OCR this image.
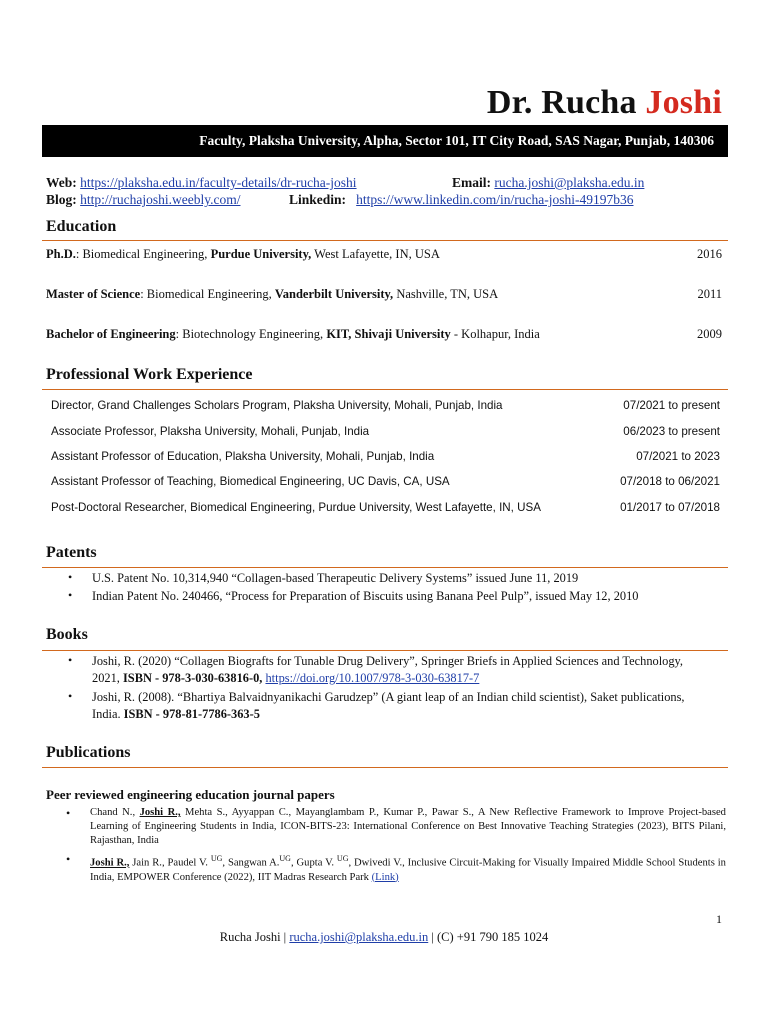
Dr. Rucha Joshi
Faculty, Plaksha University, Alpha, Sector 101, IT City Road, SAS Nagar, Punjab, 140306
Web: https://plaksha.edu.in/faculty-details/dr-rucha-joshi	Email: rucha.joshi@plaksha.edu.in
Blog: http://ruchajoshi.weebly.com/	Linkedin: https://www.linkedin.com/in/rucha-joshi-49197b36
Education
Ph.D.: Biomedical Engineering, Purdue University, West Lafayette, IN, USA	2016
Master of Science: Biomedical Engineering, Vanderbilt University, Nashville, TN, USA	2011
Bachelor of Engineering: Biotechnology Engineering, KIT, Shivaji University - Kolhapur, India	2009
Professional Work Experience
Director, Grand Challenges Scholars Program, Plaksha University, Mohali, Punjab, India	07/2021 to present
Associate Professor, Plaksha University, Mohali, Punjab, India	06/2023 to present
Assistant Professor of Education, Plaksha University, Mohali, Punjab, India	07/2021 to 2023
Assistant Professor of Teaching, Biomedical Engineering, UC Davis, CA, USA	07/2018 to 06/2021
Post-Doctoral Researcher, Biomedical Engineering, Purdue University, West Lafayette, IN, USA	01/2017 to 07/2018
Patents
• U.S. Patent No. 10,314,940 “Collagen-based Therapeutic Delivery Systems” issued June 11, 2019
• Indian Patent No. 240466, “Process for Preparation of Biscuits using Banana Peel Pulp”, issued May 12, 2010
Books
• Joshi, R. (2020) “Collagen Biografts for Tunable Drug Delivery”, Springer Briefs in Applied Sciences and Technology, 2021, ISBN - 978-3-030-63816-0, https://doi.org/10.1007/978-3-030-63817-7
• Joshi, R. (2008). “Bhartiya Balvaidnyanikachi Garudzep” (A giant leap of an Indian child scientist), Saket publications, India. ISBN - 978-81-7786-363-5
Publications
Peer reviewed engineering education journal papers
• Chand N., Joshi R., Mehta S., Ayyappan C., Mayanglambam P., Kumar P., Pawar S., A New Reflective Framework to Improve Project-based Learning of Engineering Students in India, ICON-BITS-23: International Conference on Best Innovative Teaching Strategies (2023), BITS Pilani, Rajasthan, India
• Joshi R., Jain R., Paudel V. $^{UG}$, Sangwan A.$^{UG}$, Gupta V. $^{UG}$, Dwivedi V., Inclusive Circuit-Making for Visually Impaired Middle School Students in India, EMPOWER Conference (2022), IIT Madras Research Park (Link)
1
Rucha Joshi | rucha.joshi@plaksha.edu.in | (C) +91 790 185 1024
